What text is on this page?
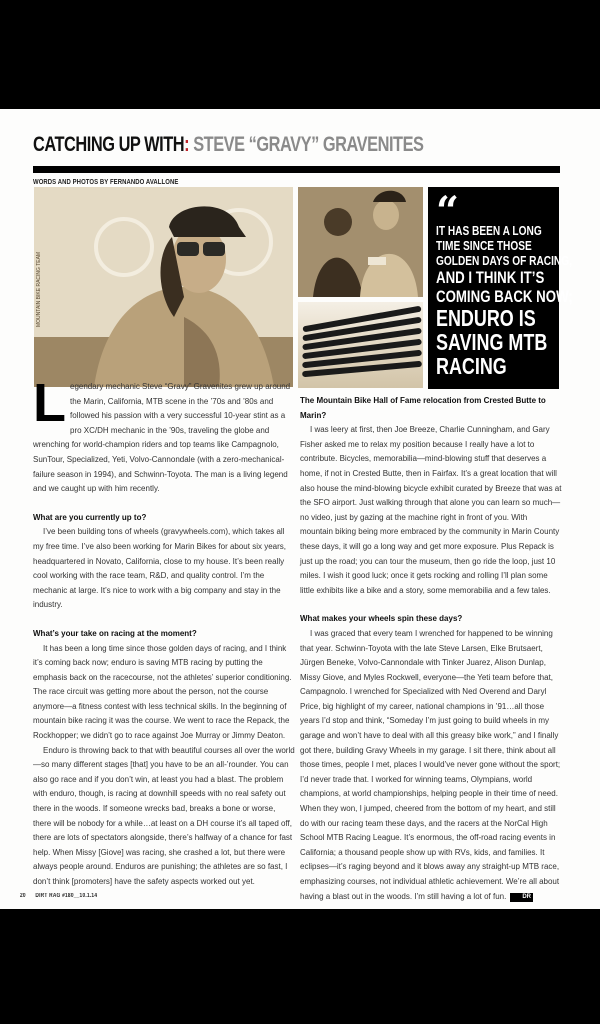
CATCHING UP WITH: STEVE “GRAVY” GRAVENITES
WORDS AND PHOTOS BY FERNANDO AVALLONE
MOUNTAIN BIKE RACING TEAM
“
IT HAS BEEN A LONG
TIME SINCE THOSE
GOLDEN DAYS OF RACING,
AND I THINK IT’S
COMING BACK NOW;
ENDURO IS
SAVING MTB
RACING

Legendary mechanic Steve “Gravy” Gravenites grew up around the Marin, California, MTB scene in the ’70s and ’80s and followed his passion with a very successful 10-year stint as a pro XC/DH mechanic in the ’90s, traveling the globe and wrenching for world-champion riders and top teams like Campagnolo, SunTour, Specialized, Yeti, Volvo-Cannondale (with a zero-mechanical-failure season in 1994), and Schwinn-Toyota. The man is a living legend and we caught up with him recently.

What are you currently up to?

I’ve been building tons of wheels (gravywheels.com), which takes all my free time. I’ve also been working for Marin Bikes for about six years, headquartered in Novato, California, close to my house. It’s been really cool working with the race team, R&D, and quality control. I’m the mechanic at large. It’s nice to work with a big company and stay in the industry.

What’s your take on racing at the moment?

It has been a long time since those golden days of racing, and I think it’s coming back now; enduro is saving MTB racing by putting the emphasis back on the racecourse, not the athletes’ superior conditioning. The race circuit was getting more about the person, not the course anymore—a fitness contest with less technical skills. In the beginning of mountain bike racing it was the course. We went to race the Repack, the Rockhopper; we didn’t go to race against Joe Murray or Jimmy Deaton.

Enduro is throwing back to that with beautiful courses all over the world—so many different stages [that] you have to be an all-’rounder. You can also go race and if you don’t win, at least you had a blast. The problem with enduro, though, is racing at downhill speeds with no real safety out there in the woods. If someone wrecks bad, breaks a bone or worse, there will be nobody for a while…at least on a DH course it’s all taped off, there are lots of spectators alongside, there’s halfway of a chance for fast help. When Missy [Giove] was racing, she crashed a lot, but there were always people around. Enduros are punishing; the athletes are so fast, I don’t think [promoters] have the safety aspects worked out yet.

The Mountain Bike Hall of Fame relocation from Crested Butte to Marin?

I was leery at first, then Joe Breeze, Charlie Cunningham, and Gary Fisher asked me to relax my position because I really have a lot to contribute. Bicycles, memorabilia—mind-blowing stuff that deserves a home, if not in Crested Butte, then in Fairfax. It’s a great location that will also house the mind-blowing bicycle exhibit curated by Breeze that was at the SFO airport. Just walking through that alone you can learn so much—no video, just by gazing at the machine right in front of you. With mountain biking being more embraced by the community in Marin County these days, it will go a long way and get more exposure. Plus Repack is just up the road; you can tour the museum, then go ride the loop, just 10 miles. I wish it good luck; once it gets rocking and rolling I’ll plan some little exhibits like a bike and a story, some memorabilia and a few tales.

What makes your wheels spin these days?

I was graced that every team I wrenched for happened to be winning that year. Schwinn-Toyota with the late Steve Larsen, Elke Brutsaert, Jürgen Beneke, Volvo-Cannondale with Tinker Juarez, Alison Dunlap, Missy Giove, and Myles Rockwell, everyone—the Yeti team before that, Campagnolo. I wrenched for Specialized with Ned Overend and Daryl Price, big highlight of my career, national champions in ’91…all those years I’d stop and think, “Someday I’m just going to build wheels in my garage and won’t have to deal with all this greasy bike work,” and I finally got there, building Gravy Wheels in my garage. I sit there, think about all those times, people I met, places I would’ve never gone without the sport; I’d never trade that. I worked for winning teams, Olympians, world champions, at world championships, helping people in their time of need. When they won, I jumped, cheered from the bottom of my heart, and still do with our racing team these days, and the racers at the NorCal High School MTB Racing League. It’s enormous, the off-road racing events in California; a thousand people show up with RVs, kids, and families. It eclipses—it’s raging beyond and it blows away any straight-up MTB race, emphasizing courses, not individual athletic achievement. We’re all about having a blast out in the woods. I’m still having a lot of fun.	DR

20 DIRT RAG #180__10.1.14
